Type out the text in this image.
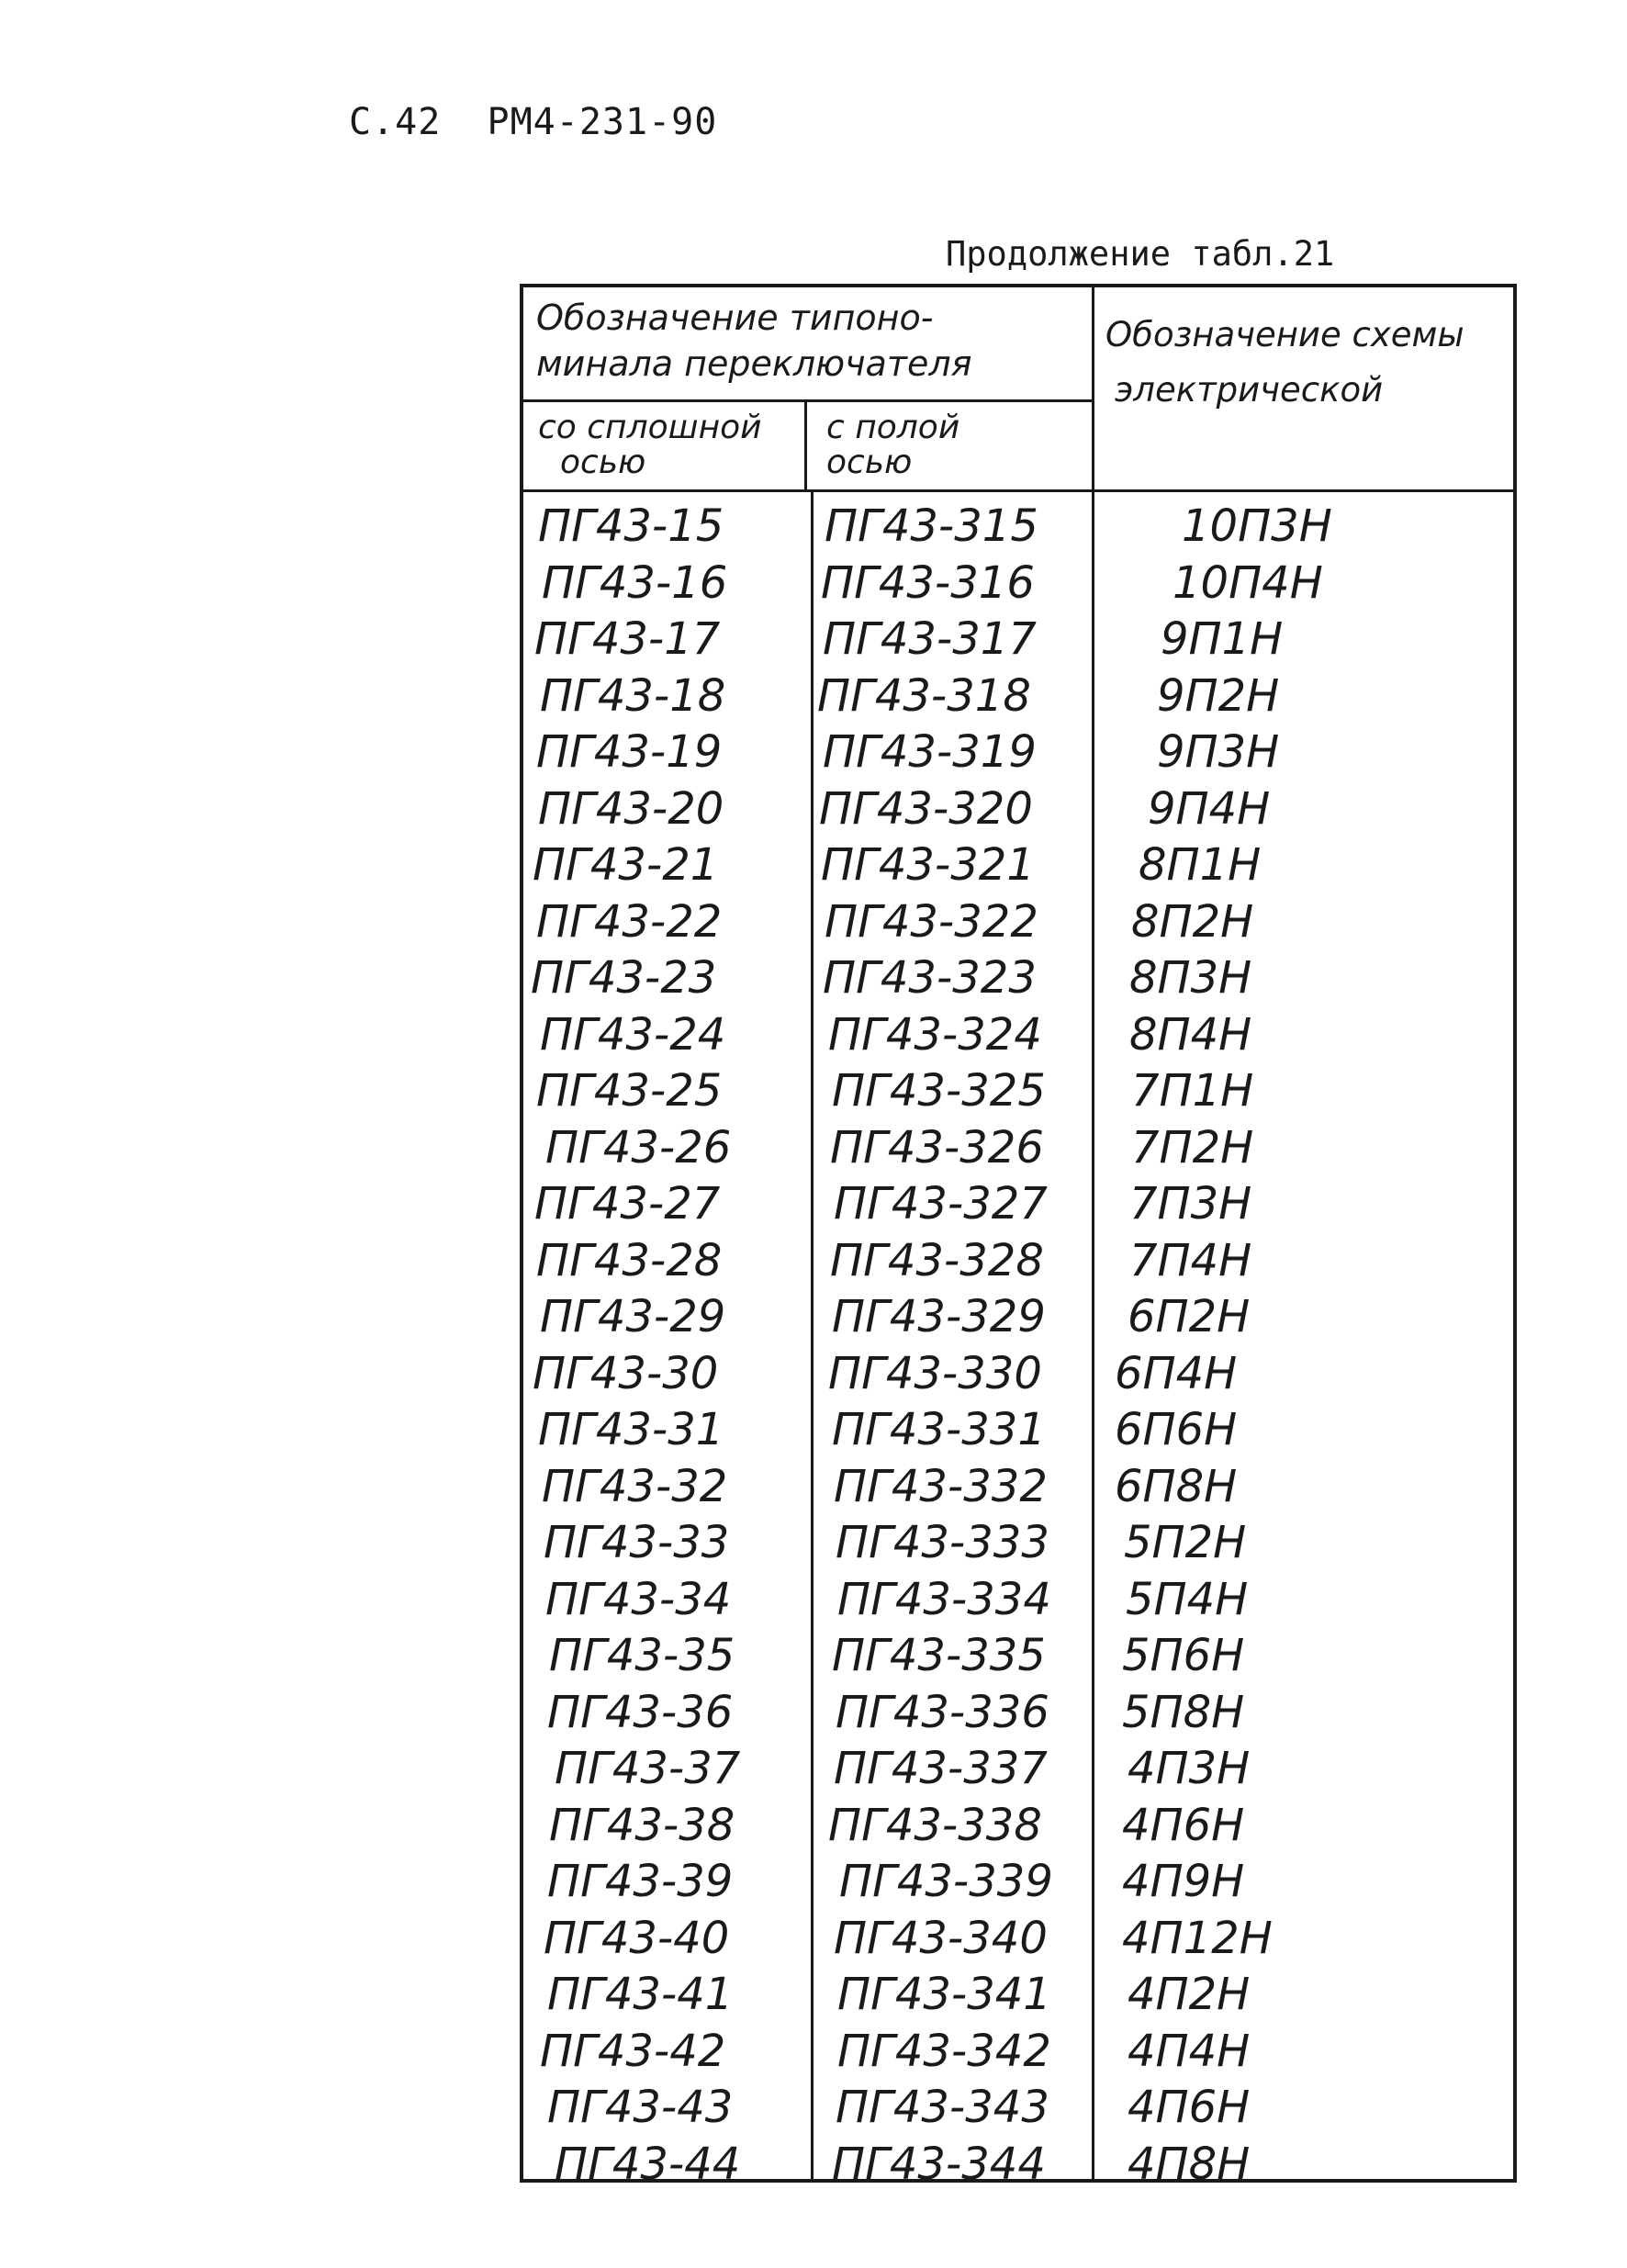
С.42  РМ4-231-90
Продолжение табл.21
Обозначение типоно-
минала переключателя
со сплошной
осью
с полой
осью
Обозначение схемы
электрической
ПГ43-15 ПГ43-315	10П3Н
ПГ43-16 ПГ43-316	10П4Н
ПГ43-17 ПГ43-317	9П1Н
ПГ43-18 ПГ43-318	9П2Н
ПГ43-19 ПГ43-319	9П3Н
ПГ43-20 ПГ43-320	9П4Н
ПГ43-21 ПГ43-321 8П1Н
ПГ43-22 ПГ43-322 8П2Н
ПГ43-23 ПГ43-323 8П3Н
ПГ43-24 ПГ43-324 8П4Н
ПГ43-25 ПГ43-325 7П1Н
ПГ43-26 ПГ43-326 7П2Н
ПГ43-27	ПГ43-327 7П3Н
ПГ43-28 ПГ43-328 7П4Н
ПГ43-29 ПГ43-329 6П2Н
ПГ43-30 ПГ43-330 6П4Н
ПГ43-31 ПГ43-331 6П6Н
ПГ43-32 ПГ43-332 6П8Н
ПГ43-33 ПГ43-333 5П2Н
ПГ43-34 ПГ43-334 5П4Н
ПГ43-35 ПГ43-335 5П6Н
ПГ43-36 ПГ43-336 5П8Н
ПГ43-37 ПГ43-337 4П3Н
ПГ43-38 ПГ43-338 4П6Н
ПГ43-39 ПГ43-339 4П9Н
ПГ43-40 ПГ43-340 4П12Н
ПГ43-41 ПГ43-341 4П2Н
ПГ43-42	ПГ43-342 4П4Н
ПГ43-43 ПГ43-343 4П6Н
ПГ43-44 ПГ43-344 4П8Н
